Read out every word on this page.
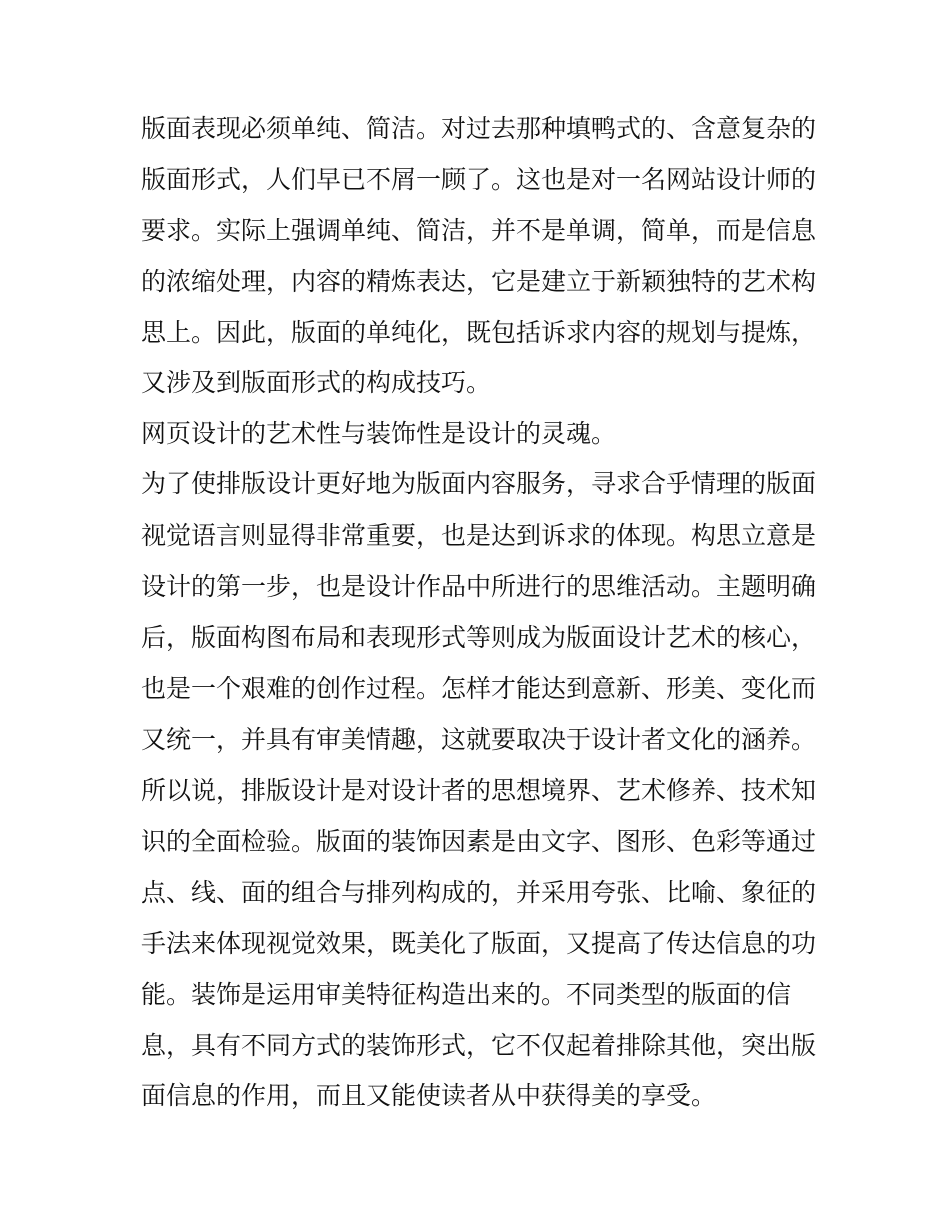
版面表现必须单纯、简洁。对过去那种填鸭式的、含意复杂的

版面形式，人们早已不屑一顾了。这也是对一名网站设计师的

要求。实际上强调单纯、简洁，并不是单调，简单，而是信息

的浓缩处理，内容的精炼表达，它是建立于新颖独特的艺术构

思上。因此，版面的单纯化，既包括诉求内容的规划与提炼，

又涉及到版面形式的构成技巧。

网页设计的艺术性与装饰性是设计的灵魂。

为了使排版设计更好地为版面内容服务，寻求合乎情理的版面

视觉语言则显得非常重要，也是达到诉求的体现。构思立意是

设计的第一步，也是设计作品中所进行的思维活动。主题明确

后，版面构图布局和表现形式等则成为版面设计艺术的核心，

也是一个艰难的创作过程。怎样才能达到意新、形美、变化而

又统一，并具有审美情趣，这就要取决于设计者文化的涵养。

所以说，排版设计是对设计者的思想境界、艺术修养、技术知

识的全面检验。版面的装饰因素是由文字、图形、色彩等通过

点、线、面的组合与排列构成的，并采用夸张、比喻、象征的

手法来体现视觉效果，既美化了版面，又提高了传达信息的功

能。装饰是运用审美特征构造出来的。不同类型的版面的信

息，具有不同方式的装饰形式，它不仅起着排除其他，突出版

面信息的作用，而且又能使读者从中获得美的享受。
